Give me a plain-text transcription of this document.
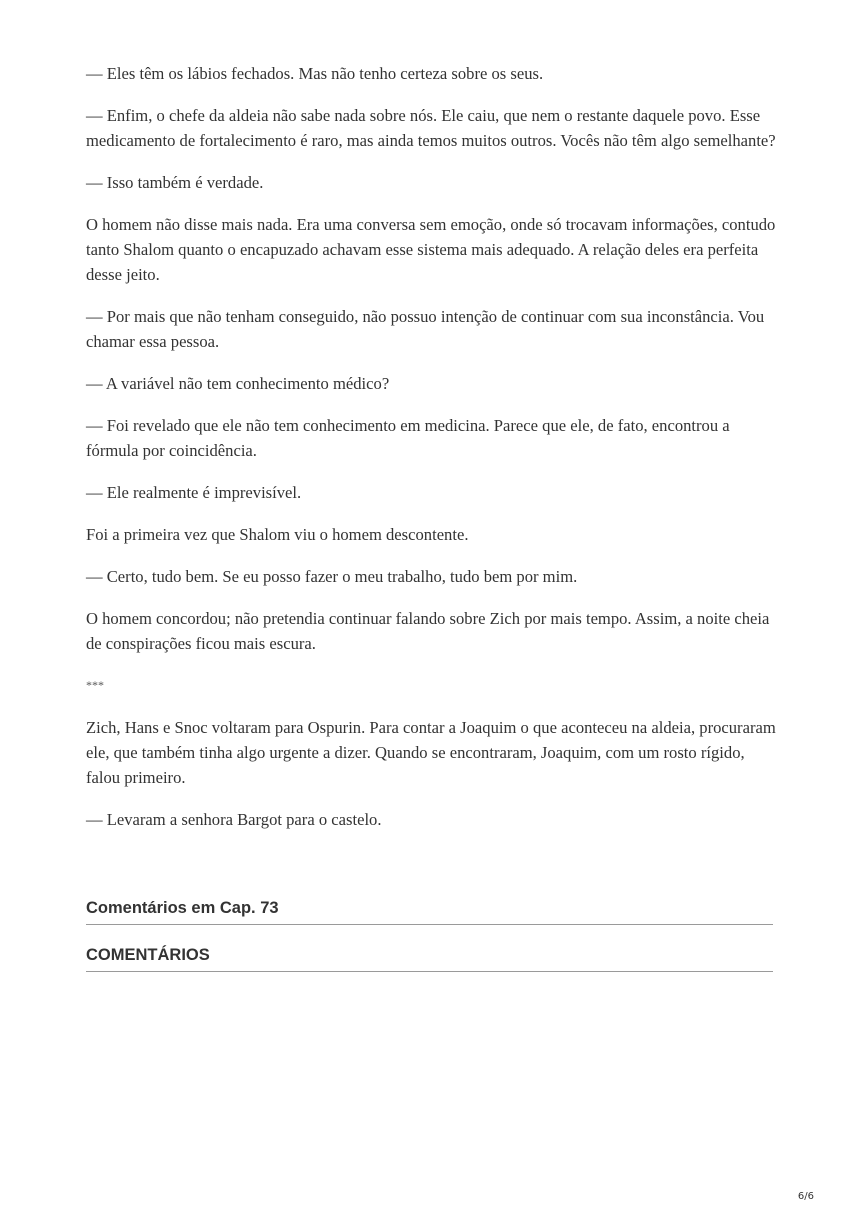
— Eles têm os lábios fechados. Mas não tenho certeza sobre os seus.

— Enfim, o chefe da aldeia não sabe nada sobre nós. Ele caiu, que nem o restante daquele povo. Esse medicamento de fortalecimento é raro, mas ainda temos muitos outros. Vocês não têm algo semelhante?

— Isso também é verdade.

O homem não disse mais nada. Era uma conversa sem emoção, onde só trocavam informações, contudo tanto Shalom quanto o encapuzado achavam esse sistema mais adequado. A relação deles era perfeita desse jeito.

— Por mais que não tenham conseguido, não possuo intenção de continuar com sua inconstância. Vou chamar essa pessoa.

— A variável não tem conhecimento médico?

— Foi revelado que ele não tem conhecimento em medicina. Parece que ele, de fato, encontrou a fórmula por coincidência.

— Ele realmente é imprevisível.

Foi a primeira vez que Shalom viu o homem descontente.

— Certo, tudo bem. Se eu posso fazer o meu trabalho, tudo bem por mim.

O homem concordou; não pretendia continuar falando sobre Zich por mais tempo. Assim, a noite cheia de conspirações ficou mais escura.

***

Zich, Hans e Snoc voltaram para Ospurin. Para contar a Joaquim o que aconteceu na aldeia, procuraram ele, que também tinha algo urgente a dizer. Quando se encontraram, Joaquim, com um rosto rígido, falou primeiro.

— Levaram a senhora Bargot para o castelo.

Comentários em Cap. 73
COMENTÁRIOS
6/6
